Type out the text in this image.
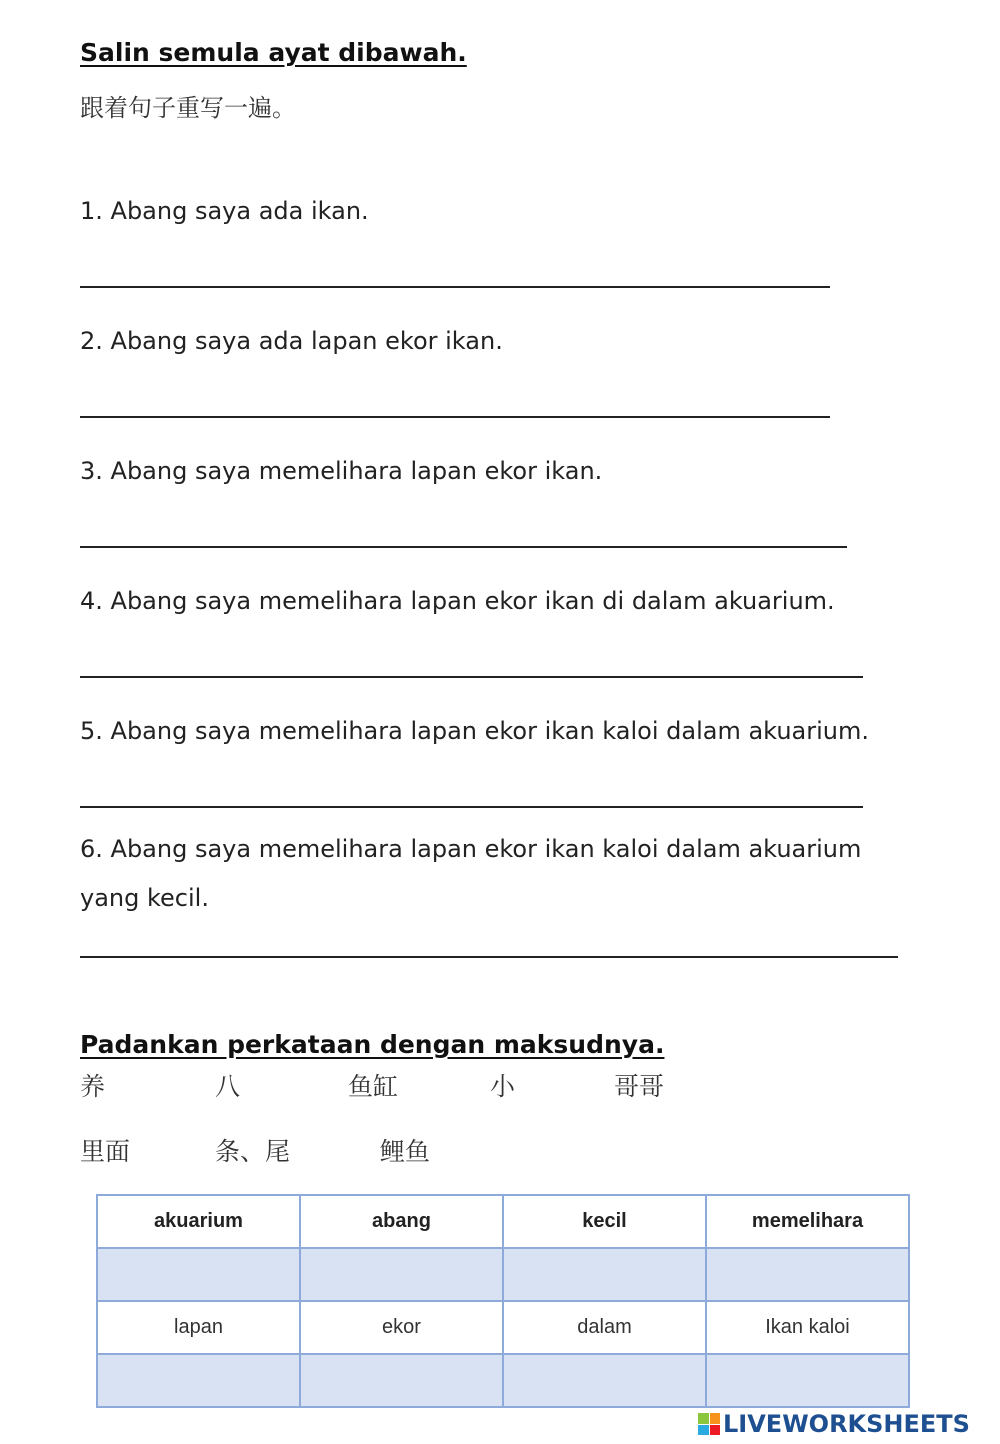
Salin semula ayat dibawah.
跟着句子重写一遍。
1. Abang saya ada ikan.
2. Abang saya ada lapan ekor ikan.
3. Abang saya memelihara lapan ekor ikan.
4. Abang saya memelihara lapan ekor ikan di dalam akuarium.
5. Abang saya memelihara lapan ekor ikan kaloi dalam akuarium.
6. Abang saya memelihara lapan ekor ikan kaloi dalam akuarium
yang kecil.
Padankan perkataan dengan maksudnya.
养	八	鱼缸	小	哥哥
里面	条、尾	鲤鱼
akuarium	abang	kecil	memelihara

lapan	ekor	dalam	Ikan kaloi

LIVEWORKSHEETS
